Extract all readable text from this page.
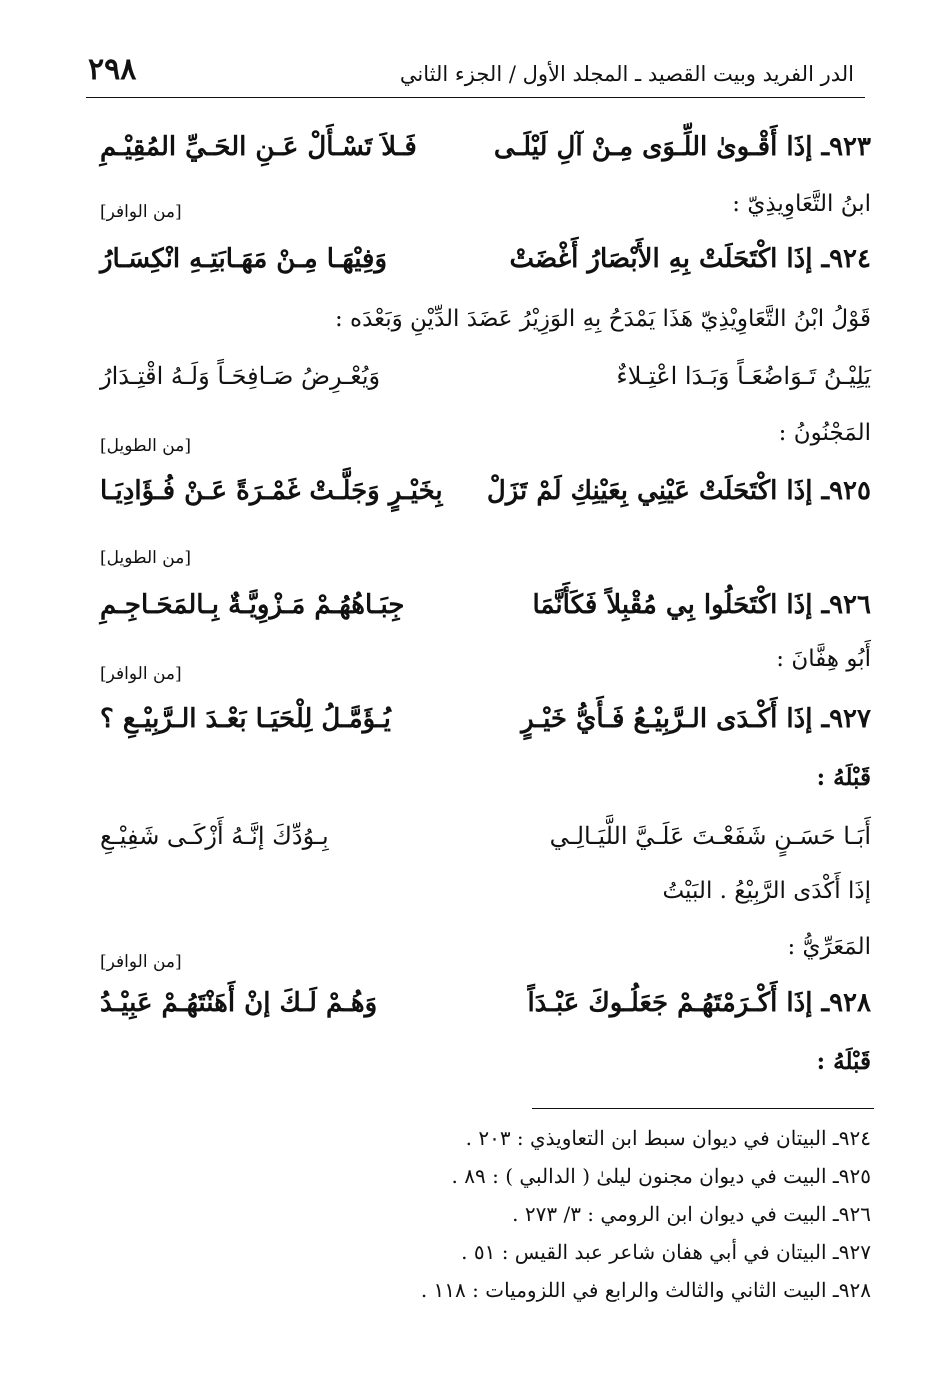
٢٩٨	الدر الفريد وبيت القصيد ـ المجلد الأول / الجزء الثاني
٩٢٣ـ إذَا أَقْـوىٰ اللِّـوَى مِـنْ آلِ لَيْلَـى
فَـلاَ تَسْـأَلْ عَـنِ الحَـيِّ المُقِيْـمِ
ابنُ التَّعَاوِيذِيّ :
[من الوافر]
٩٢٤ـ إذَا اكْتَحَلَتْ بِهِ الأَبْصَارُ أَغْضَتْ
وَفِيْهَـا مِـنْ مَهَـابَتِـهِ انْكِسَـارُ
قَوْلُ ابْنُ التَّعَاوِيْذِيّ هَذَا يَمْدَحُ بِهِ الوَزِيْرُ عَضَدَ الدِّيْنِ وَبَعْدَه :
يَلِيْـنُ تَـوَاضُعَـاً وَبَـدَا اعْتِـلاءٌ
وَيُعْـرِضُ صَـافِحَـاً وَلَـهُ اقْتِـدَارُ
المَجْنُونُ :
[من الطويل]
٩٢٥ـ إذَا اكْتَحَلَتْ عَيْنِي بِعَيْنِكِ لَمْ تَزَلْ
بِخَيْـرٍ وَجَلَّـتْ غَمْـرَةً عَـنْ فُـؤَادِيَـا
[من الطويل]
٩٢٦ـ إذَا اكْتَحَلُوا بِي مُقْبِلاً فَكَأَنَّمَا
جِبَـاهُهُـمْ مَـزْوِيَّـةٌ بِـالمَحَـاجِـمِ
أَبُو هِفَّانَ :
[من الوافر]
٩٢٧ـ إذَا أَكْـدَى الـرَّبِيْـعُ فَـأَيُّ خَيْـرٍ
يُـؤَمَّـلُ لِلْحَيَـا بَعْـدَ الـرَّبِيْـعِ ؟
قَبْلَهُ :
أَبَـا حَسَـنٍ شَفَعْـتَ عَلَـيَّ اللَّيَـالِـي
بِـوُدِّكَ إنَّـهُ أَزْكَـى شَفِيْـعِ
إذَا أَكْدَى الرَّبِيْعُ . البَيْتُ
المَعَرِّيُّ :
[من الوافر]
٩٢٨ـ إذَا أَكْـرَمْتَهُـمْ جَعَلُـوكَ عَبْـدَاً
وَهُـمْ لَـكَ إنْ أَهَنْتَهُـمْ عَبِيْـدُ
قَبْلَهُ :
٩٢٤ـ البيتان في ديوان سبط ابن التعاويذي : ٢٠٣ .
٩٢٥ـ البيت في ديوان مجنون ليلىٰ ( الدالبي ) : ٨٩ .
٩٢٦ـ البيت في ديوان ابن الرومي : ٣/ ٢٧٣ .
٩٢٧ـ البيتان في أبي هفان شاعر عبد القيس : ٥١ .
٩٢٨ـ البيت الثاني والثالث والرابع في اللزوميات : ١١٨ .
